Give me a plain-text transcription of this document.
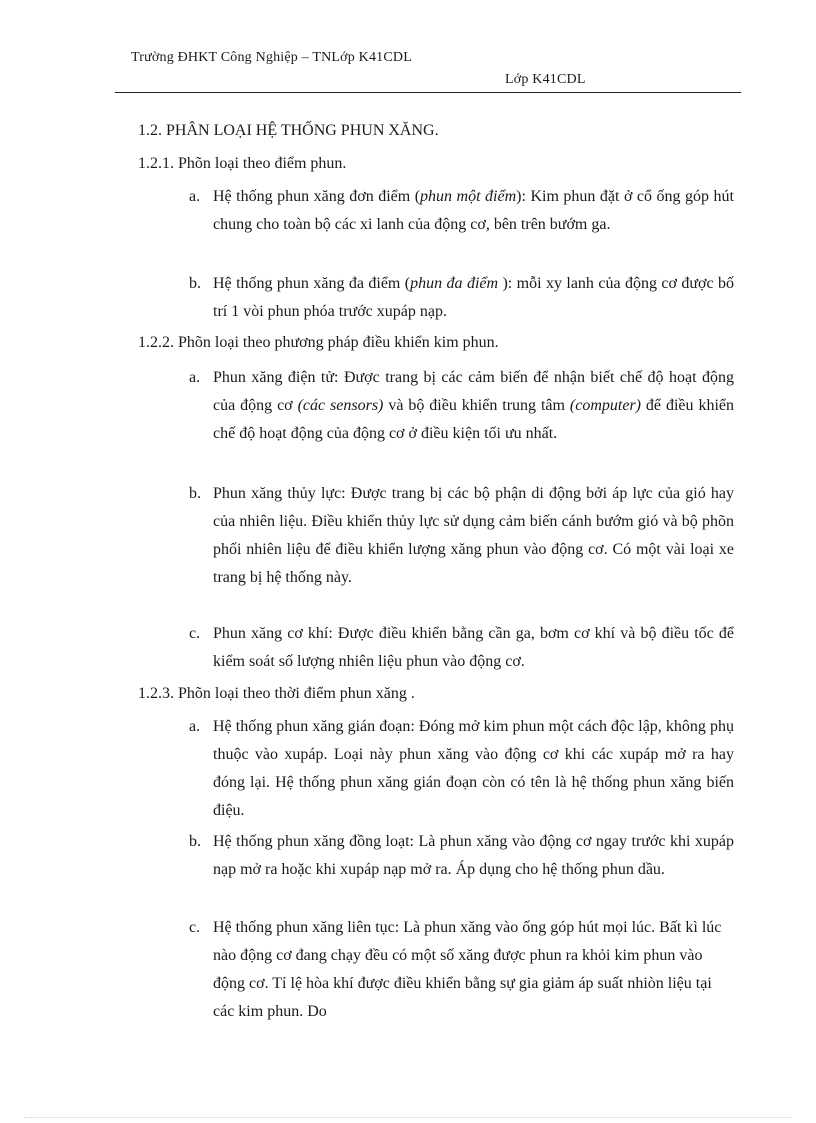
Trường ĐHKT Công Nghiệp – TNLớp K41CDL
Lớp K41CDL
1.2. PHÂN LOẠI HỆ THỐNG PHUN XĂNG.
1.2.1. Phõn loại theo điểm phun.
a. Hệ thống phun xăng đơn điểm (phun một điểm): Kim phun đặt ở cổ ống góp hút chung cho toàn bộ các xi lanh của động cơ, bên trên bướm ga.
b. Hệ thống phun xăng đa điểm (phun đa điểm ): mỗi xy lanh của động cơ được bố trí 1 vòi phun phóa trước xupáp nạp.
1.2.2. Phõn loại theo phương pháp điều khiển kim phun.
a. Phun xăng điện tử: Được trang bị các cảm biến để nhận biết chế độ hoạt động của động cơ (các sensors) và bộ điều khiển trung tâm (computer) để điều khiển chế độ hoạt động của động cơ ở điều kiện tối ưu nhất.
b. Phun xăng thủy lực: Được trang bị các bộ phận di động bởi áp lực của gió hay của nhiên liệu. Điều khiển thủy lực sử dụng cảm biến cánh bướm gió và bộ phõn phối nhiên liệu để điều khiển lượng xăng phun vào động cơ. Có một vài loại xe trang bị hệ thống này.
c. Phun xăng cơ khí: Được điều khiển bằng cần ga, bơm cơ khí và bộ điều tốc để kiểm soát số lượng nhiên liệu phun vào động cơ.
1.2.3. Phõn loại theo thời điểm phun xăng .
a. Hệ thống phun xăng gián đoạn: Đóng mở kim phun một cách độc lập, không phụ thuộc vào xupáp. Loại này phun xăng vào động cơ khi các xupáp mở ra hay đóng lại. Hệ thống phun xăng gián đoạn còn có tên là hệ thống phun xăng biến điệu.
b. Hệ thống phun xăng đồng loạt: Là phun xăng vào động cơ ngay trước khi xupáp nạp mở ra hoặc khi xupáp nạp mở ra. Áp dụng cho hệ thống phun dầu.
c. Hệ thống phun xăng liên tục: Là phun xăng vào ống góp hút mọi lúc. Bất kì lúc nào động cơ đang chạy đều có một số xăng được phun ra khỏi kim phun vào động cơ. Tỉ lệ hòa khí được điều khiển bằng sự gia giảm áp suất nhiòn liệu tại các kim phun. Do
